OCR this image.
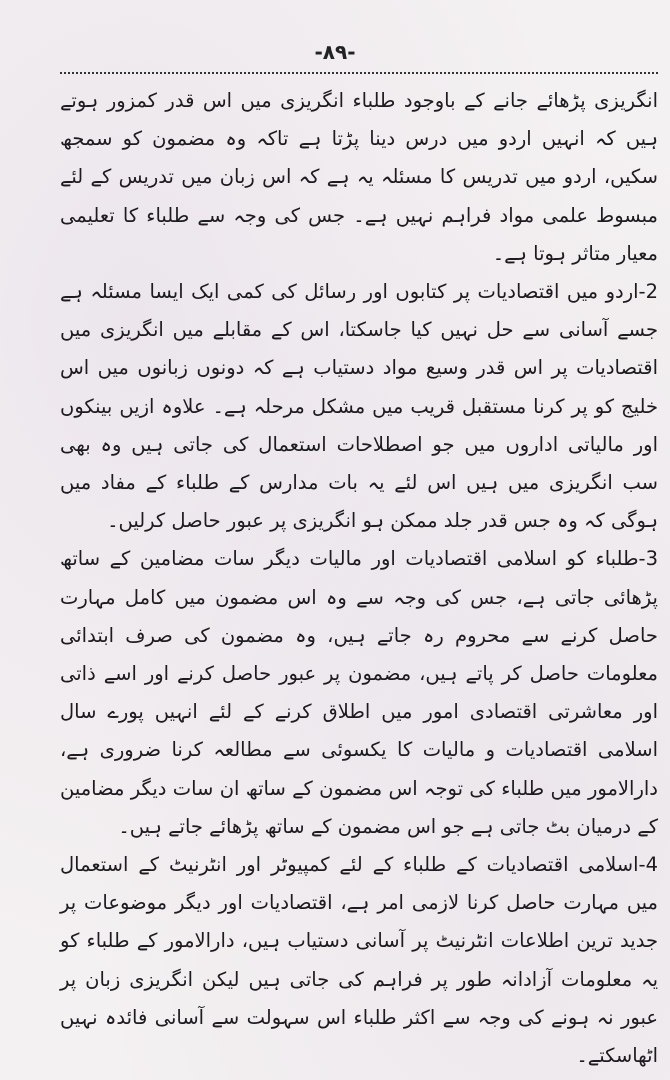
-۸۹-

انگریزی پڑھائے جانے کے باوجود طلباء انگریزی میں اس قدر کمزور ہوتے ہیں کہ انہیں اردو میں درس دینا پڑتا ہے تاکہ وہ مضمون کو سمجھ سکیں، اردو میں تدریس کا مسئلہ یہ ہے کہ اس زبان میں تدریس کے لئے مبسوط علمی مواد فراہم نہیں ہے۔ جس کی وجہ سے طلباء کا تعلیمی معیار متاثر ہوتا ہے۔

2-اردو میں اقتصادیات پر کتابوں اور رسائل کی کمی ایک ایسا مسئلہ ہے جسے آسانی سے حل نہیں کیا جاسکتا، اس کے مقابلے میں انگریزی میں اقتصادیات پر اس قدر وسیع مواد دستیاب ہے کہ دونوں زبانوں میں اس خلیج کو پر کرنا مستقبل قریب میں مشکل مرحلہ ہے۔ علاوہ ازیں بینکوں اور مالیاتی اداروں میں جو اصطلاحات استعمال کی جاتی ہیں وہ بھی سب انگریزی میں ہیں اس لئے یہ بات مدارس کے طلباء کے مفاد میں ہوگی کہ وہ جس قدر جلد ممکن ہو انگریزی پر عبور حاصل کرلیں۔

3-طلباء کو اسلامی اقتصادیات اور مالیات دیگر سات مضامین کے ساتھ پڑھائی جاتی ہے، جس کی وجہ سے وہ اس مضمون میں کامل مہارت حاصل کرنے سے محروم رہ جاتے ہیں، وہ مضمون کی صرف ابتدائی معلومات حاصل کر پاتے ہیں، مضمون پر عبور حاصل کرنے اور اسے ذاتی اور معاشرتی اقتصادی امور میں اطلاق کرنے کے لئے انہیں پورے سال اسلامی اقتصادیات و مالیات کا یکسوئی سے مطالعہ کرنا ضروری ہے، دارالامور میں طلباء کی توجہ اس مضمون کے ساتھ ان سات دیگر مضامین کے درمیان بٹ جاتی ہے جو اس مضمون کے ساتھ پڑھائے جاتے ہیں۔

4-اسلامی اقتصادیات کے طلباء کے لئے کمپیوٹر اور انٹرنیٹ کے استعمال میں مہارت حاصل کرنا لازمی امر ہے، اقتصادیات اور دیگر موضوعات پر جدید ترین اطلاعات انٹرنیٹ پر آسانی دستیاب ہیں، دارالامور کے طلباء کو یہ معلومات آزادانہ طور پر فراہم کی جاتی ہیں لیکن انگریزی زبان پر عبور نہ ہونے کی وجہ سے اکثر طلباء اس سہولت سے آسانی فائدہ نہیں اٹھاسکتے۔
